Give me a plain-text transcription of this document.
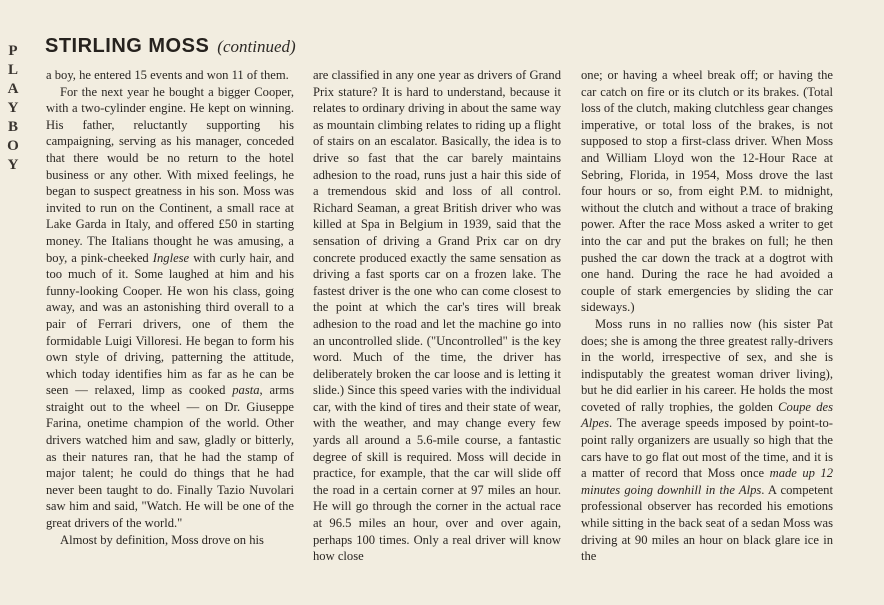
P
L
A
Y
B
O
Y
STIRLING MOSS (continued)

a boy, he entered 15 events and won 11 of them.

For the next year he bought a bigger Cooper, with a two-cylinder engine. He kept on winning. His father, reluctantly supporting his campaigning, serving as his manager, conceded that there would be no return to the hotel business or any other. With mixed feelings, he began to suspect greatness in his son. Moss was invited to run on the Continent, a small race at Lake Garda in Italy, and offered £50 in starting money. The Italians thought he was amusing, a boy, a pink-cheeked Inglese with curly hair, and too much of it. Some laughed at him and his funny-looking Cooper. He won his class, going away, and was an astonishing third overall to a pair of Ferrari drivers, one of them the formidable Luigi Villoresi. He began to form his own style of driving, patterning the attitude, which today identifies him as far as he can be seen — relaxed, limp as cooked pasta, arms straight out to the wheel — on Dr. Giuseppe Farina, onetime champion of the world. Other drivers watched him and saw, gladly or bitterly, as their natures ran, that he had the stamp of major talent; he could do things that he had never been taught to do. Finally Tazio Nuvolari saw him and said, "Watch. He will be one of the great drivers of the world."

Almost by definition, Moss drove on his

are classified in any one year as drivers of Grand Prix stature? It is hard to understand, because it relates to ordinary driving in about the same way as mountain climbing relates to riding up a flight of stairs on an escalator. Basically, the idea is to drive so fast that the car barely maintains adhesion to the road, runs just a hair this side of a tremendous skid and loss of all control. Richard Seaman, a great British driver who was killed at Spa in Belgium in 1939, said that the sensation of driving a Grand Prix car on dry concrete produced exactly the same sensation as driving a fast sports car on a frozen lake. The fastest driver is the one who can come closest to the point at which the car's tires will break adhesion to the road and let the machine go into an uncontrolled slide. ("Uncontrolled" is the key word. Much of the time, the driver has deliberately broken the car loose and is letting it slide.) Since this speed varies with the individual car, with the kind of tires and their state of wear, with the weather, and may change every few yards all around a 5.6-mile course, a fantastic degree of skill is required. Moss will decide in practice, for example, that the car will slide off the road in a certain corner at 97 miles an hour. He will go through the corner in the actual race at 96.5 miles an hour, over and over again, perhaps 100 times. Only a real driver will know how close

one; or having a wheel break off; or having the car catch on fire or its clutch or its brakes. (Total loss of the clutch, making clutchless gear changes imperative, or total loss of the brakes, is not supposed to stop a first-class driver. When Moss and William Lloyd won the 12-Hour Race at Sebring, Florida, in 1954, Moss drove the last four hours or so, from eight P.M. to midnight, without the clutch and without a trace of braking power. After the race Moss asked a writer to get into the car and put the brakes on full; he then pushed the car down the track at a dogtrot with one hand. During the race he had avoided a couple of stark emergencies by sliding the car sideways.)

Moss runs in no rallies now (his sister Pat does; she is among the three greatest rally-drivers in the world, irrespective of sex, and she is indisputably the greatest woman driver living), but he did earlier in his career. He holds the most coveted of rally trophies, the golden Coupe des Alpes. The average speeds imposed by point-to-point rally organizers are usually so high that the cars have to go flat out most of the time, and it is a matter of record that Moss once made up 12 minutes going downhill in the Alps. A competent professional observer has recorded his emotions while sitting in the back seat of a sedan Moss was driving at 90 miles an hour on black glare ice in the
